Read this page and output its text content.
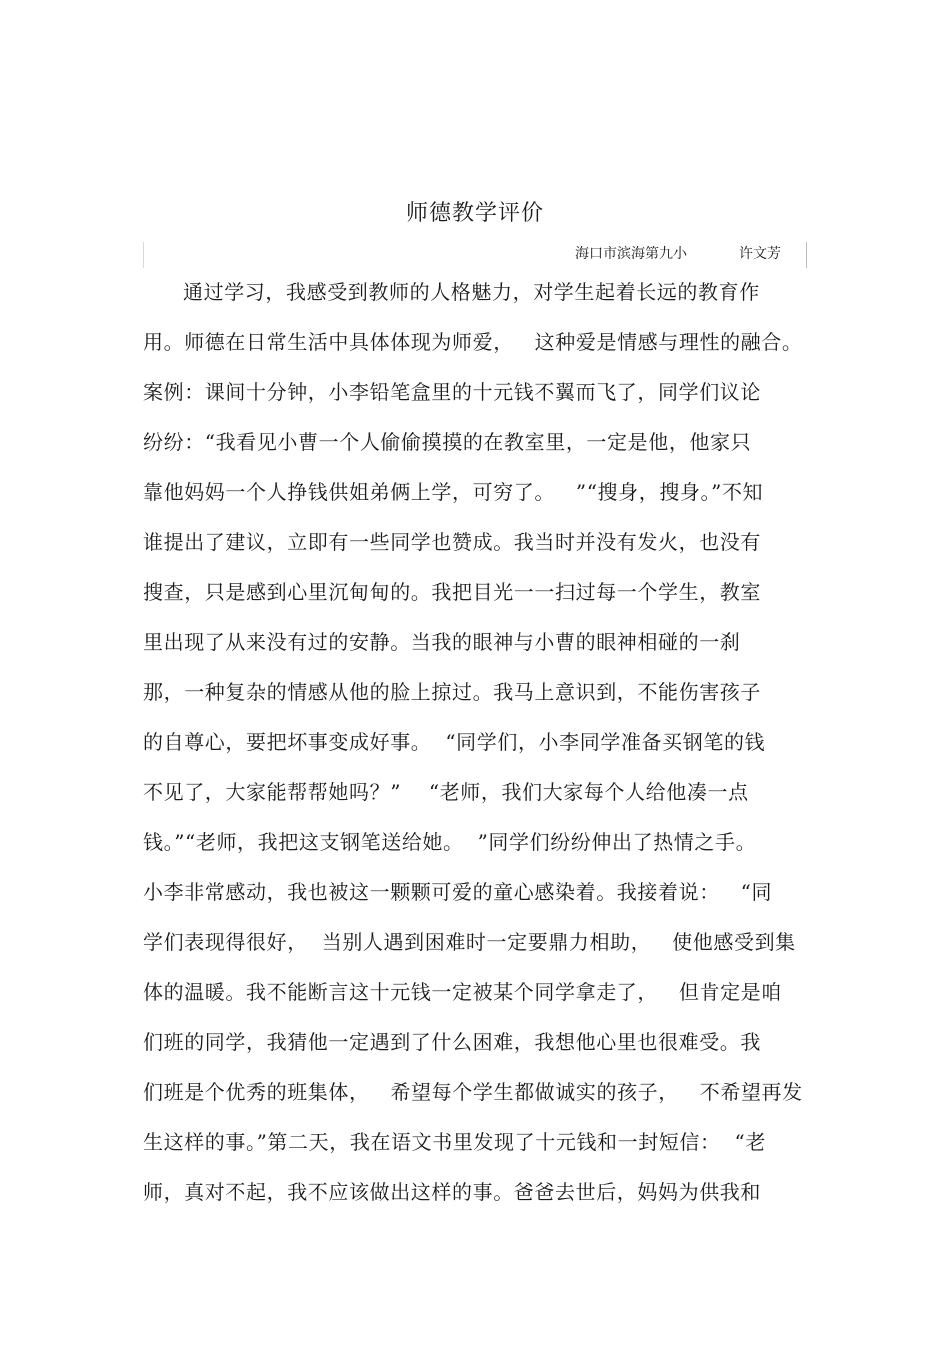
师德教学评价
海口市滨海第九小	许文芳
通过学习，我感受到教师的人格魅力，对学生起着长远的教育作
用。师德在日常生活中具体体现为师爱，   这种爱是情感与理性的融合。
案例：课间十分钟，小李铅笔盒里的十元钱不翼而飞了，同学们议论
纷纷：“我看见小曹一个人偷偷摸摸的在教室里，一定是他，他家只
靠他妈妈一个人挣钱供姐弟俩上学，可穷了。   ”“搜身，搜身。”不知
谁提出了建议，立即有一些同学也赞成。我当时并没有发火，也没有
搜查，只是感到心里沉甸甸的。我把目光一一扫过每一个学生，教室
里出现了从来没有过的安静。当我的眼神与小曹的眼神相碰的一刹
那，一种复杂的情感从他的脸上掠过。我马上意识到，不能伤害孩子
的自尊心，要把坏事变成好事。  “同学们，小李同学准备买钢笔的钱
不见了，大家能帮帮她吗？”    “老师，我们大家每个人给他凑一点
钱。”“老师，我把这支钢笔送给她。  ”同学们纷纷伸出了热情之手。
小李非常感动，我也被这一颗颗可爱的童心感染着。我接着说：   “同
学们表现得很好，  当别人遇到困难时一定要鼎力相助，   使他感受到集
体的温暖。我不能断言这十元钱一定被某个同学拿走了，   但肯定是咱
们班的同学，我猜他一定遇到了什么困难，我想他心里也很难受。我
们班是个优秀的班集体，   希望每个学生都做诚实的孩子，   不希望再发
生这样的事。”第二天，我在语文书里发现了十元钱和一封短信：  “老
师，真对不起，我不应该做出这样的事。爸爸去世后，妈妈为供我和
